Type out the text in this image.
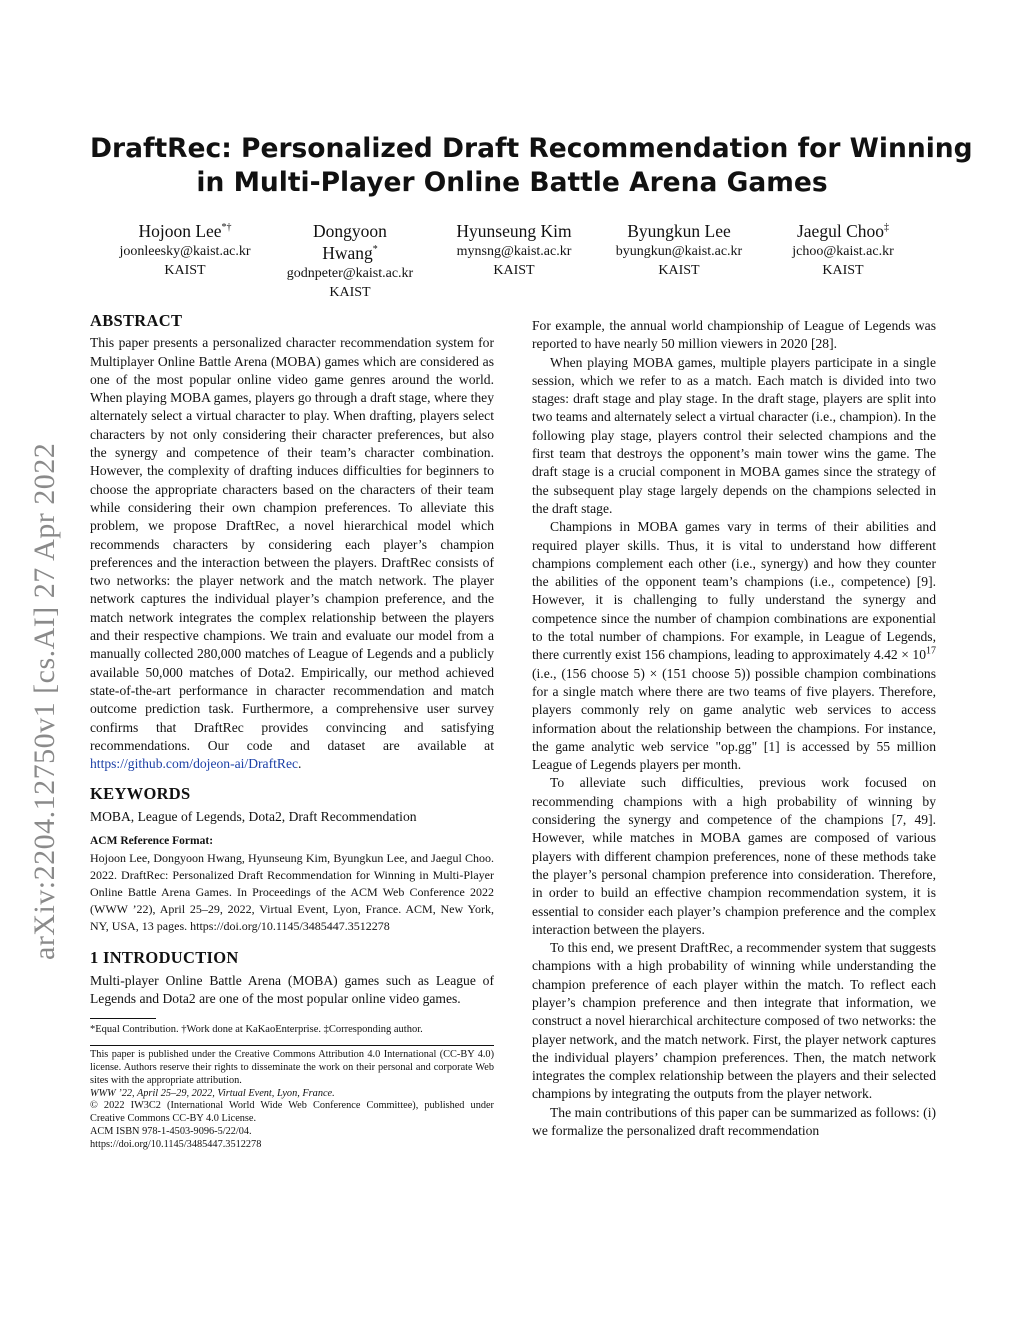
arXiv:2204.12750v1 [cs.AI] 27 Apr 2022
DraftRec: Personalized Draft Recommendation for Winning
in Multi-Player Online Battle Arena Games
Hojoon Lee*†
joonleesky@kaist.ac.kr
KAIST
Dongyoon
Hwang*
godnpeter@kaist.ac.kr
KAIST
Hyunseung Kim
mynsng@kaist.ac.kr
KAIST
Byungkun Lee
byungkun@kaist.ac.kr
KAIST
Jaegul Choo‡
jchoo@kaist.ac.kr
KAIST
ABSTRACT

This paper presents a personalized character recommendation system for Multiplayer Online Battle Arena (MOBA) games which are considered as one of the most popular online video game genres around the world. When playing MOBA games, players go through a draft stage, where they alternately select a virtual character to play. When drafting, players select characters by not only considering their character preferences, but also the synergy and competence of their team’s character combination. However, the complexity of drafting induces difficulties for beginners to choose the appropriate characters based on the characters of their team while considering their own champion preferences. To alleviate this problem, we propose DraftRec, a novel hierarchical model which recommends characters by considering each player’s champion preferences and the interaction between the players. DraftRec consists of two networks: the player network and the match network. The player network captures the individual player’s champion preference, and the match network integrates the complex relationship between the players and their respective champions. We train and evaluate our model from a manually collected 280,000 matches of League of Legends and a publicly available 50,000 matches of Dota2. Empirically, our method achieved state-of-the-art performance in character recommendation and match outcome prediction task. Furthermore, a comprehensive user survey confirms that DraftRec provides convincing and satisfying recommendations. Our code and dataset are available at https://github.com/dojeon-ai/DraftRec.

KEYWORDS

MOBA, League of Legends, Dota2, Draft Recommendation

ACM Reference Format:

Hojoon Lee, Dongyoon Hwang, Hyunseung Kim, Byungkun Lee, and Jaegul Choo. 2022. DraftRec: Personalized Draft Recommendation for Winning in Multi-Player Online Battle Arena Games. In Proceedings of the ACM Web Conference 2022 (WWW ’22), April 25–29, 2022, Virtual Event, Lyon, France. ACM, New York, NY, USA, 13 pages. https://doi.org/10.1145/3485447.3512278

1 INTRODUCTION

Multi-player Online Battle Arena (MOBA) games such as League of Legends and Dota2 are one of the most popular online video games.

*Equal Contribution. †Work done at KaKaoEnterprise. ‡Corresponding author.

This paper is published under the Creative Commons Attribution 4.0 International (CC-BY 4.0) license. Authors reserve their rights to disseminate the work on their personal and corporate Web sites with the appropriate attribution.

WWW ’22, April 25–29, 2022, Virtual Event, Lyon, France.

© 2022 IW3C2 (International World Wide Web Conference Committee), published under Creative Commons CC-BY 4.0 License.

ACM ISBN 978-1-4503-9096-5/22/04.

https://doi.org/10.1145/3485447.3512278

For example, the annual world championship of League of Legends was reported to have nearly 50 million viewers in 2020 [28].

When playing MOBA games, multiple players participate in a single session, which we refer to as a match. Each match is divided into two stages: draft stage and play stage. In the draft stage, players are split into two teams and alternately select a virtual character (i.e., champion). In the following play stage, players control their selected champions and the first team that destroys the opponent’s main tower wins the game. The draft stage is a crucial component in MOBA games since the strategy of the subsequent play stage largely depends on the champions selected in the draft stage.

Champions in MOBA games vary in terms of their abilities and required player skills. Thus, it is vital to understand how different champions complement each other (i.e., synergy) and how they counter the abilities of the opponent team’s champions (i.e., competence) [9]. However, it is challenging to fully understand the synergy and competence since the number of champion combinations are exponential to the total number of champions. For example, in League of Legends, there currently exist 156 champions, leading to approximately $4.42 \times 10^{17}$ (i.e., (156 choose 5) × (151 choose 5)) possible champion combinations for a single match where there are two teams of five players. Therefore, players commonly rely on game analytic web services to access information about the relationship between the champions. For instance, the game analytic web service "op.gg" [1] is accessed by 55 million League of Legends players per month.

To alleviate such difficulties, previous work focused on recommending champions with a high probability of winning by considering the synergy and competence of the champions [7, 49]. However, while matches in MOBA games are composed of various players with different champion preferences, none of these methods take the player’s personal champion preference into consideration. Therefore, in order to build an effective champion recommendation system, it is essential to consider each player’s champion preference and the complex interaction between the players.

To this end, we present DraftRec, a recommender system that suggests champions with a high probability of winning while understanding the champion preference of each player within the match. To reflect each player’s champion preference and then integrate that information, we construct a novel hierarchical architecture composed of two networks: the player network, and the match network. First, the player network captures the individual players’ champion preferences. Then, the match network integrates the complex relationship between the players and their selected champions by integrating the outputs from the player network.

The main contributions of this paper can be summarized as follows: (i) we formalize the personalized draft recommendation
